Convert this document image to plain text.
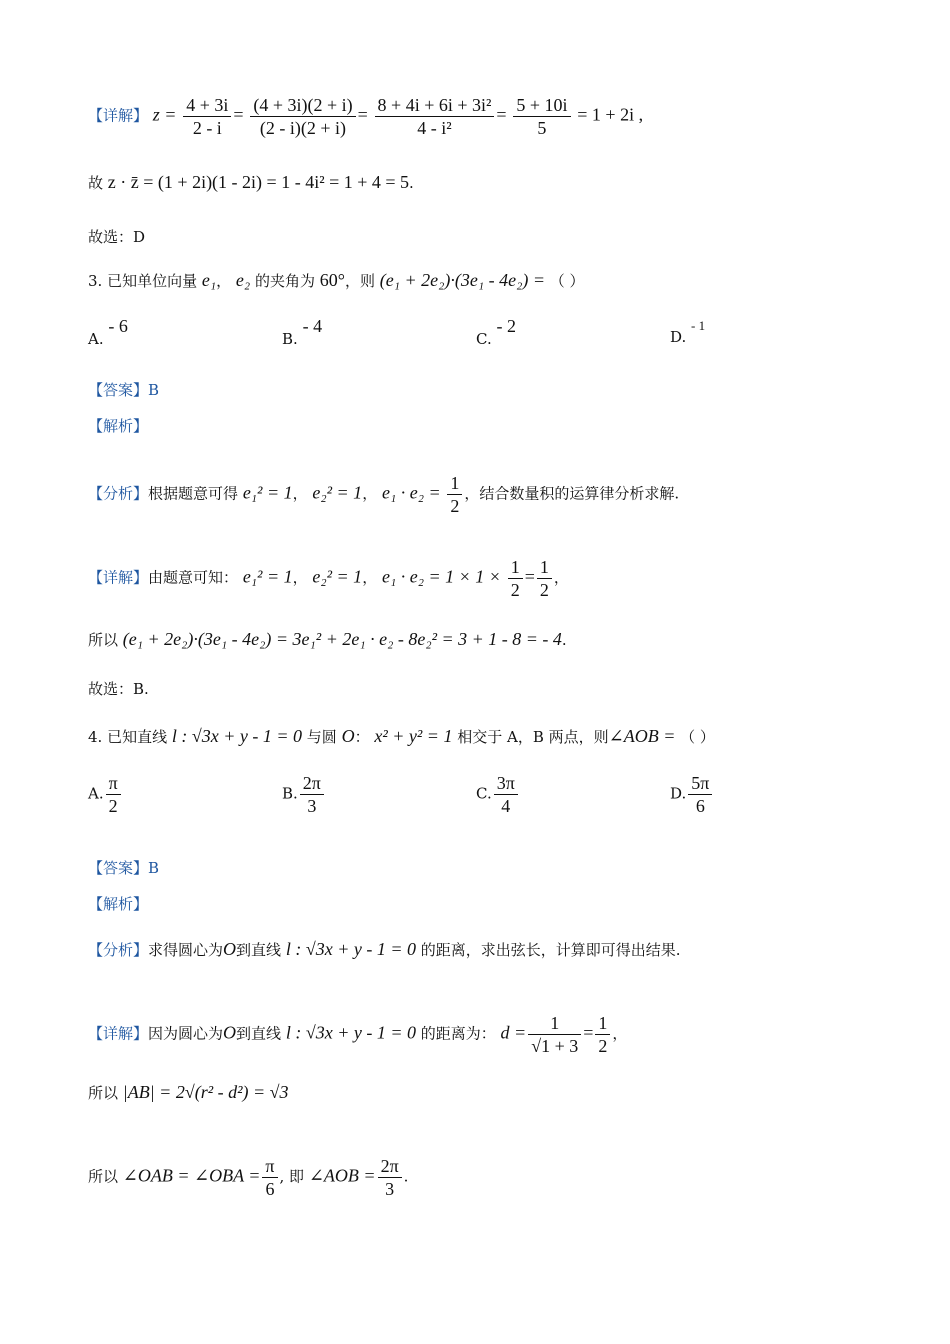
【详解】 $z = \frac{4 + 3i}{2 - i} = \frac{(4 + 3i)(2 + i)}{(2 - i)(2 + i)} = \frac{\text{8 + 4i + 6i + 3i²}}{\text{4 - i²}} = \frac{5 + 10i}{5} = 1 + 2i$ ,
故 z · z̄ = (1 + 2i)(1 - 2i) = 1 - 4i² = 1 + 4 = 5.
故选：D
3. 已知单位向量 e₁， e₂ 的夹角为 60°，则 (e₁ + 2e₂)·(3e₁ - 4e₂) = （ ）
A. - 6
B. - 4
C. - 2
D. - 1
【答案】B
【解析】
【分析】根据题意可得 e₁² = 1， e₂² = 1， $e_1 \cdot e_2 = \frac{1}{2}$ ，结合数量积的运算律分析求解.
【详解】由题意可知： e₁² = 1， e₂² = 1， $e_1 \cdot e_2 = 1 \times 1 \times \frac{1}{2} = \frac{1}{2}$ ，
所以 (e₁ + 2e₂)·(3e₁ - 4e₂) = 3e₁² + 2e₁ · e₂ - 8e₂² = 3 + 1 - 8 = - 4.
故选：B.
4. 已知直线 l : √3x + y - 1 = 0 与圆 O： x² + y² = 1 相交于 A，B 两点，则∠AOB = （ ）
A. $\frac{\pi}{2}$	B. $\frac{2\pi}{3}$	C. $\frac{3\pi}{4}$	D. $\frac{5\pi}{6}$
【答案】B
【解析】
【分析】求得圆心为O到直线 l : √3x + y - 1 = 0 的距离，求出弦长，计算即可得出结果.
【详解】因为圆心为O到直线 l : √3x + y - 1 = 0 的距离为： $d = \frac{1}{√1 + 3} = \frac{1}{2}$ ，
所以 |AB| = 2√(r² - d²) = √3
所以 ∠OAB = ∠OBA = $\frac{\pi}{6}$ , 即 ∠AOB = $\frac{2\pi}{3}$ .
